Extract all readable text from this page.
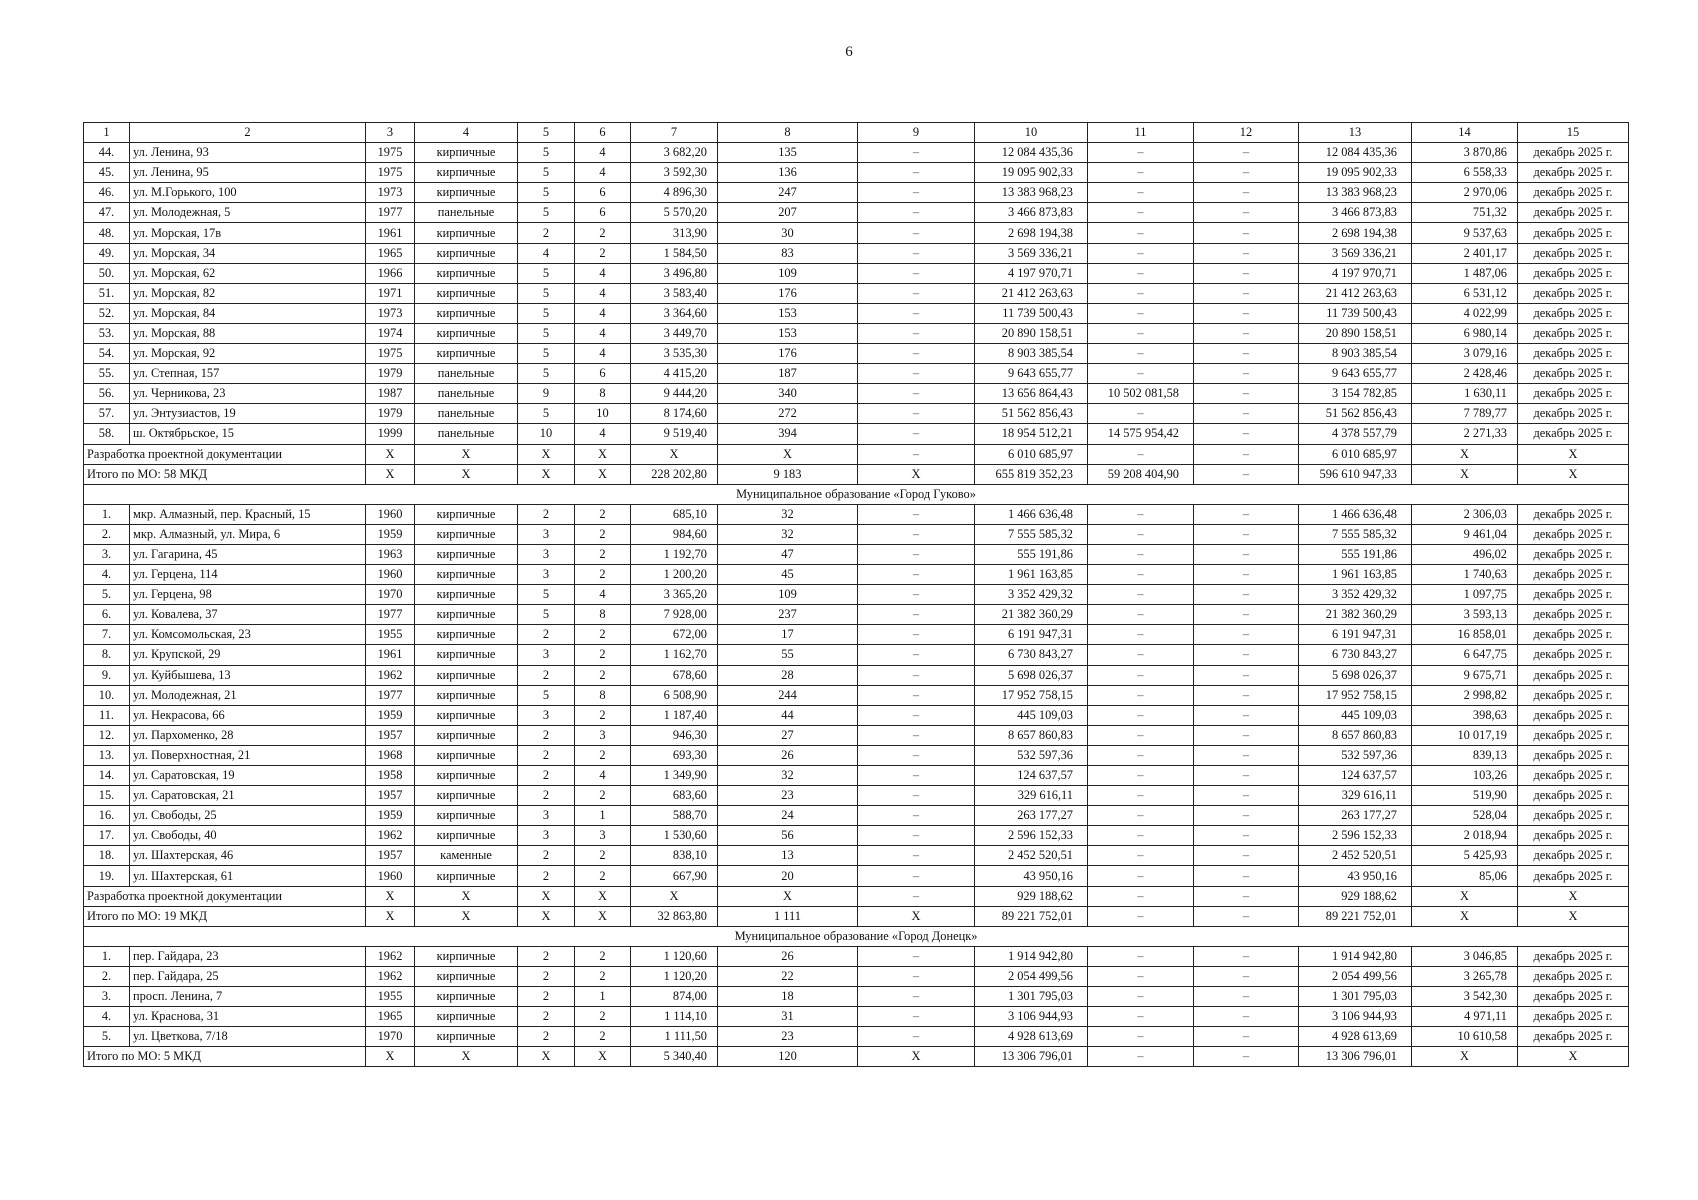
6
1	2	3	4	5	6	7	8	9	10	11	12	13	14	15
44.	ул. Ленина, 93	1975	кирпичные	5	4	3 682,20	135	–	12 084 435,36	–	–	12 084 435,36	3 870,86	декабрь 2025 г.
45.	ул. Ленина, 95	1975	кирпичные	5	4	3 592,30	136	–	19 095 902,33	–	–	19 095 902,33	6 558,33	декабрь 2025 г.
46.	ул. М.Горького, 100	1973	кирпичные	5	6	4 896,30	247	–	13 383 968,23	–	–	13 383 968,23	2 970,06	декабрь 2025 г.
47.	ул. Молодежная, 5	1977	панельные	5	6	5 570,20	207	–	3 466 873,83	–	–	3 466 873,83	751,32	декабрь 2025 г.
48.	ул. Морская, 17в	1961	кирпичные	2	2	313,90	30	–	2 698 194,38	–	–	2 698 194,38	9 537,63	декабрь 2025 г.
49.	ул. Морская, 34	1965	кирпичные	4	2	1 584,50	83	–	3 569 336,21	–	–	3 569 336,21	2 401,17	декабрь 2025 г.
50.	ул. Морская, 62	1966	кирпичные	5	4	3 496,80	109	–	4 197 970,71	–	–	4 197 970,71	1 487,06	декабрь 2025 г.
51.	ул. Морская, 82	1971	кирпичные	5	4	3 583,40	176	–	21 412 263,63	–	–	21 412 263,63	6 531,12	декабрь 2025 г.
52.	ул. Морская, 84	1973	кирпичные	5	4	3 364,60	153	–	11 739 500,43	–	–	11 739 500,43	4 022,99	декабрь 2025 г.
53.	ул. Морская, 88	1974	кирпичные	5	4	3 449,70	153	–	20 890 158,51	–	–	20 890 158,51	6 980,14	декабрь 2025 г.
54.	ул. Морская, 92	1975	кирпичные	5	4	3 535,30	176	–	8 903 385,54	–	–	8 903 385,54	3 079,16	декабрь 2025 г.
55.	ул. Степная, 157	1979	панельные	5	6	4 415,20	187	–	9 643 655,77	–	–	9 643 655,77	2 428,46	декабрь 2025 г.
56.	ул. Черникова, 23	1987	панельные	9	8	9 444,20	340	–	13 656 864,43	10 502 081,58	–	3 154 782,85	1 630,11	декабрь 2025 г.
57.	ул. Энтузиастов, 19	1979	панельные	5	10	8 174,60	272	–	51 562 856,43	–	–	51 562 856,43	7 789,77	декабрь 2025 г.
58.	ш. Октябрьское, 15	1999	панельные	10	4	9 519,40	394	–	18 954 512,21	14 575 954,42	–	4 378 557,79	2 271,33	декабрь 2025 г.
Разработка проектной документации		X	X	X	X	X	X	–	6 010 685,97	–	–	6 010 685,97	X	X
Итого по МО: 58 МКД		X	X	X	X	228 202,80	9 183	X	655 819 352,23	59 208 404,90	–	596 610 947,33	X	X
Муниципальное образование «Город Гуково»														
1.	мкр. Алмазный, пер. Красный, 15	1960	кирпичные	2	2	685,10	32	–	1 466 636,48	–	–	1 466 636,48	2 306,03	декабрь 2025 г.
2.	мкр. Алмазный, ул. Мира, 6	1959	кирпичные	3	2	984,60	32	–	7 555 585,32	–	–	7 555 585,32	9 461,04	декабрь 2025 г.
3.	ул. Гагарина, 45	1963	кирпичные	3	2	1 192,70	47	–	555 191,86	–	–	555 191,86	496,02	декабрь 2025 г.
4.	ул. Герцена, 114	1960	кирпичные	3	2	1 200,20	45	–	1 961 163,85	–	–	1 961 163,85	1 740,63	декабрь 2025 г.
5.	ул. Герцена, 98	1970	кирпичные	5	4	3 365,20	109	–	3 352 429,32	–	–	3 352 429,32	1 097,75	декабрь 2025 г.
6.	ул. Ковалева, 37	1977	кирпичные	5	8	7 928,00	237	–	21 382 360,29	–	–	21 382 360,29	3 593,13	декабрь 2025 г.
7.	ул. Комсомольская, 23	1955	кирпичные	2	2	672,00	17	–	6 191 947,31	–	–	6 191 947,31	16 858,01	декабрь 2025 г.
8.	ул. Крупской, 29	1961	кирпичные	3	2	1 162,70	55	–	6 730 843,27	–	–	6 730 843,27	6 647,75	декабрь 2025 г.
9.	ул. Куйбышева, 13	1962	кирпичные	2	2	678,60	28	–	5 698 026,37	–	–	5 698 026,37	9 675,71	декабрь 2025 г.
10.	ул. Молодежная, 21	1977	кирпичные	5	8	6 508,90	244	–	17 952 758,15	–	–	17 952 758,15	2 998,82	декабрь 2025 г.
11.	ул. Некрасова, 66	1959	кирпичные	3	2	1 187,40	44	–	445 109,03	–	–	445 109,03	398,63	декабрь 2025 г.
12.	ул. Пархоменко, 28	1957	кирпичные	2	3	946,30	27	–	8 657 860,83	–	–	8 657 860,83	10 017,19	декабрь 2025 г.
13.	ул. Поверхностная, 21	1968	кирпичные	2	2	693,30	26	–	532 597,36	–	–	532 597,36	839,13	декабрь 2025 г.
14.	ул. Саратовская, 19	1958	кирпичные	2	4	1 349,90	32	–	124 637,57	–	–	124 637,57	103,26	декабрь 2025 г.
15.	ул. Саратовская, 21	1957	кирпичные	2	2	683,60	23	–	329 616,11	–	–	329 616,11	519,90	декабрь 2025 г.
16.	ул. Свободы, 25	1959	кирпичные	3	1	588,70	24	–	263 177,27	–	–	263 177,27	528,04	декабрь 2025 г.
17.	ул. Свободы, 40	1962	кирпичные	3	3	1 530,60	56	–	2 596 152,33	–	–	2 596 152,33	2 018,94	декабрь 2025 г.
18.	ул. Шахтерская, 46	1957	каменные	2	2	838,10	13	–	2 452 520,51	–	–	2 452 520,51	5 425,93	декабрь 2025 г.
19.	ул. Шахтерская, 61	1960	кирпичные	2	2	667,90	20	–	43 950,16	–	–	43 950,16	85,06	декабрь 2025 г.
Разработка проектной документации		X	X	X	X	X	X	–	929 188,62	–	–	929 188,62	X	X
Итого по МО: 19 МКД		X	X	X	X	32 863,80	1 111	X	89 221 752,01	–	–	89 221 752,01	X	X
Муниципальное образование «Город Донецк»														
1.	пер. Гайдара, 23	1962	кирпичные	2	2	1 120,60	26	–	1 914 942,80	–	–	1 914 942,80	3 046,85	декабрь 2025 г.
2.	пер. Гайдара, 25	1962	кирпичные	2	2	1 120,20	22	–	2 054 499,56	–	–	2 054 499,56	3 265,78	декабрь 2025 г.
3.	просп. Ленина, 7	1955	кирпичные	2	1	874,00	18	–	1 301 795,03	–	–	1 301 795,03	3 542,30	декабрь 2025 г.
4.	ул. Краснова, 31	1965	кирпичные	2	2	1 114,10	31	–	3 106 944,93	–	–	3 106 944,93	4 971,11	декабрь 2025 г.
5.	ул. Цветкова, 7/18	1970	кирпичные	2	2	1 111,50	23	–	4 928 613,69	–	–	4 928 613,69	10 610,58	декабрь 2025 г.
Итого по МО: 5 МКД		X	X	X	X	5 340,40	120	X	13 306 796,01	–	–	13 306 796,01	X	X
